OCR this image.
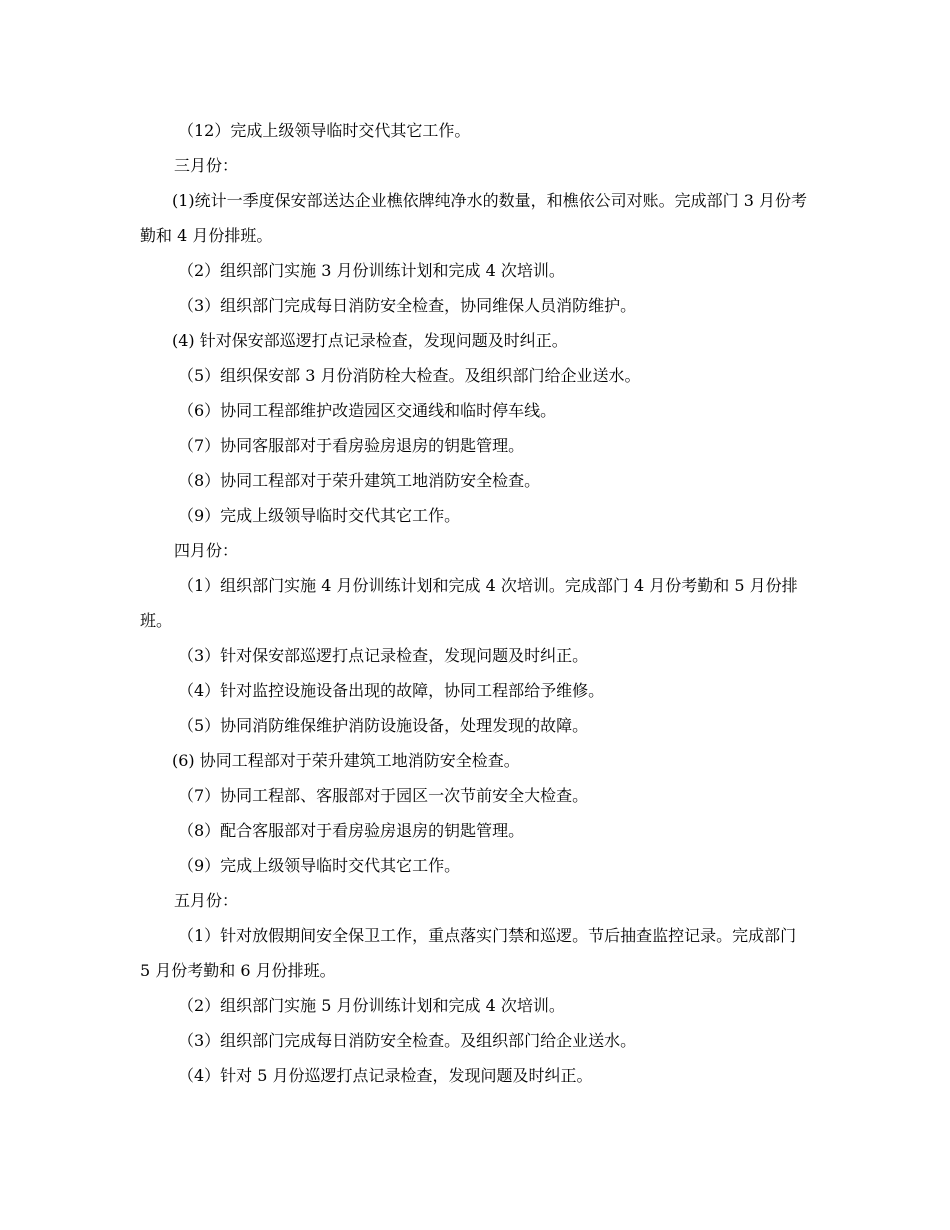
（12）完成上级领导临时交代其它工作。

三月份：

(1)统计一季度保安部送达企业樵依牌纯净水的数量，和樵依公司对账。完成部门 3 月份考勤和 4 月份排班。

（2）组织部门实施 3 月份训练计划和完成 4 次培训。

（3）组织部门完成每日消防安全检查，协同维保人员消防维护。

(4) 针对保安部巡逻打点记录检查，发现问题及时纠正。

（5）组织保安部 3 月份消防栓大检查。及组织部门给企业送水。

（6）协同工程部维护改造园区交通线和临时停车线。

（7）协同客服部对于看房验房退房的钥匙管理。

（8）协同工程部对于荣升建筑工地消防安全检查。

（9）完成上级领导临时交代其它工作。

四月份：

（1）组织部门实施 4 月份训练计划和完成 4 次培训。完成部门 4 月份考勤和 5 月份排班。

（3）针对保安部巡逻打点记录检查，发现问题及时纠正。

（4）针对监控设施设备出现的故障，协同工程部给予维修。

（5）协同消防维保维护消防设施设备，处理发现的故障。

(6) 协同工程部对于荣升建筑工地消防安全检查。

（7）协同工程部、客服部对于园区一次节前安全大检查。

（8）配合客服部对于看房验房退房的钥匙管理。

（9）完成上级领导临时交代其它工作。

五月份：

（1）针对放假期间安全保卫工作，重点落实门禁和巡逻。节后抽查监控记录。完成部门 5 月份考勤和 6 月份排班。

（2）组织部门实施 5 月份训练计划和完成 4 次培训。

（3）组织部门完成每日消防安全检查。及组织部门给企业送水。

（4）针对 5 月份巡逻打点记录检查，发现问题及时纠正。
